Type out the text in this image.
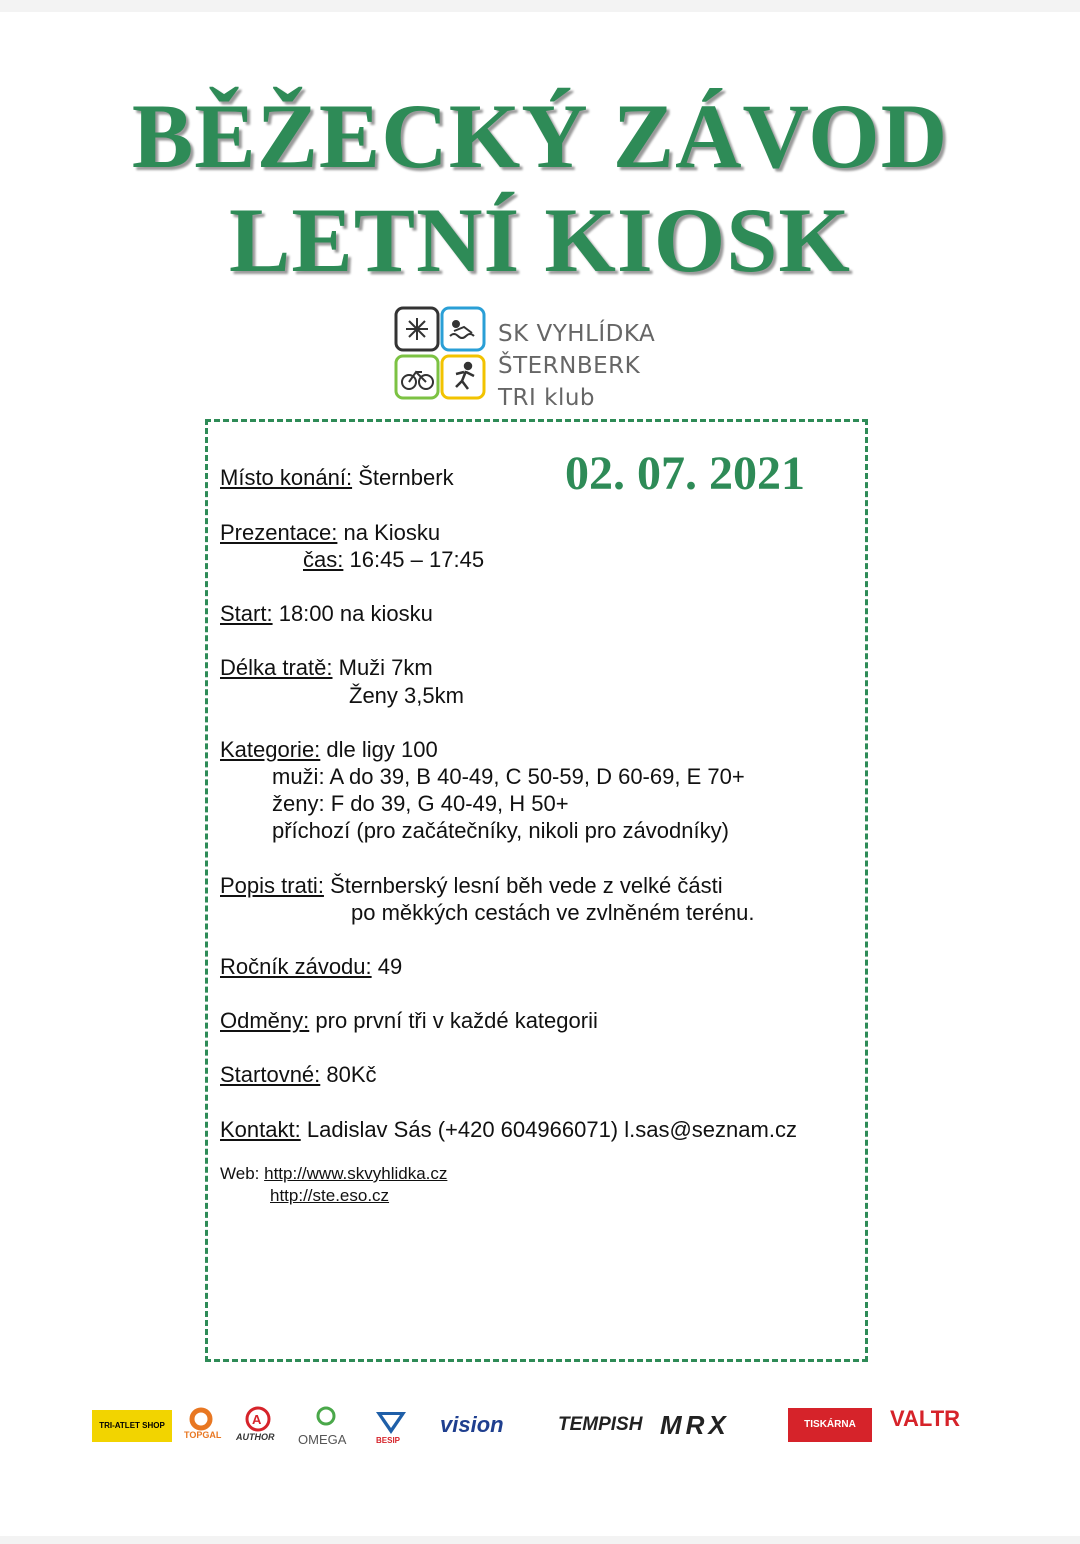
BĚŽECKÝ ZÁVOD
LETNÍ KIOSK
SK VYHLÍDKA
ŠTERNBERK
TRI klub
02. 07. 2021
Místo konání: Šternberk
Prezentace: na Kiosku
čas: 16:45 – 17:45
Start: 18:00 na kiosku
Délka tratě: Muži 7km
Ženy 3,5km
Kategorie: dle ligy 100
muži: A do 39, B 40-49, C 50-59, D 60-69, E 70+
ženy: F do 39, G 40-49, H 50+
příchozí (pro začátečníky, nikoli pro závodníky)
Popis trati: Šternberský lesní běh vede z velké části
po měkkých cestách ve zvlněném terénu.
Ročník závodu: 49
Odměny: pro první tři v každé kategorii
Startovné: 80Kč
Kontakt: Ladislav Sás (+420 604966071) l.sas@seznam.cz
Web: http://www.skvyhlidka.cz
http://ste.eso.cz
TRI-ATLET SHOP
TOPGAL AUTHOR
A
OMEGA	BESIP
vision	TEMPISH MRX	TISKÁRNA	VALTR
